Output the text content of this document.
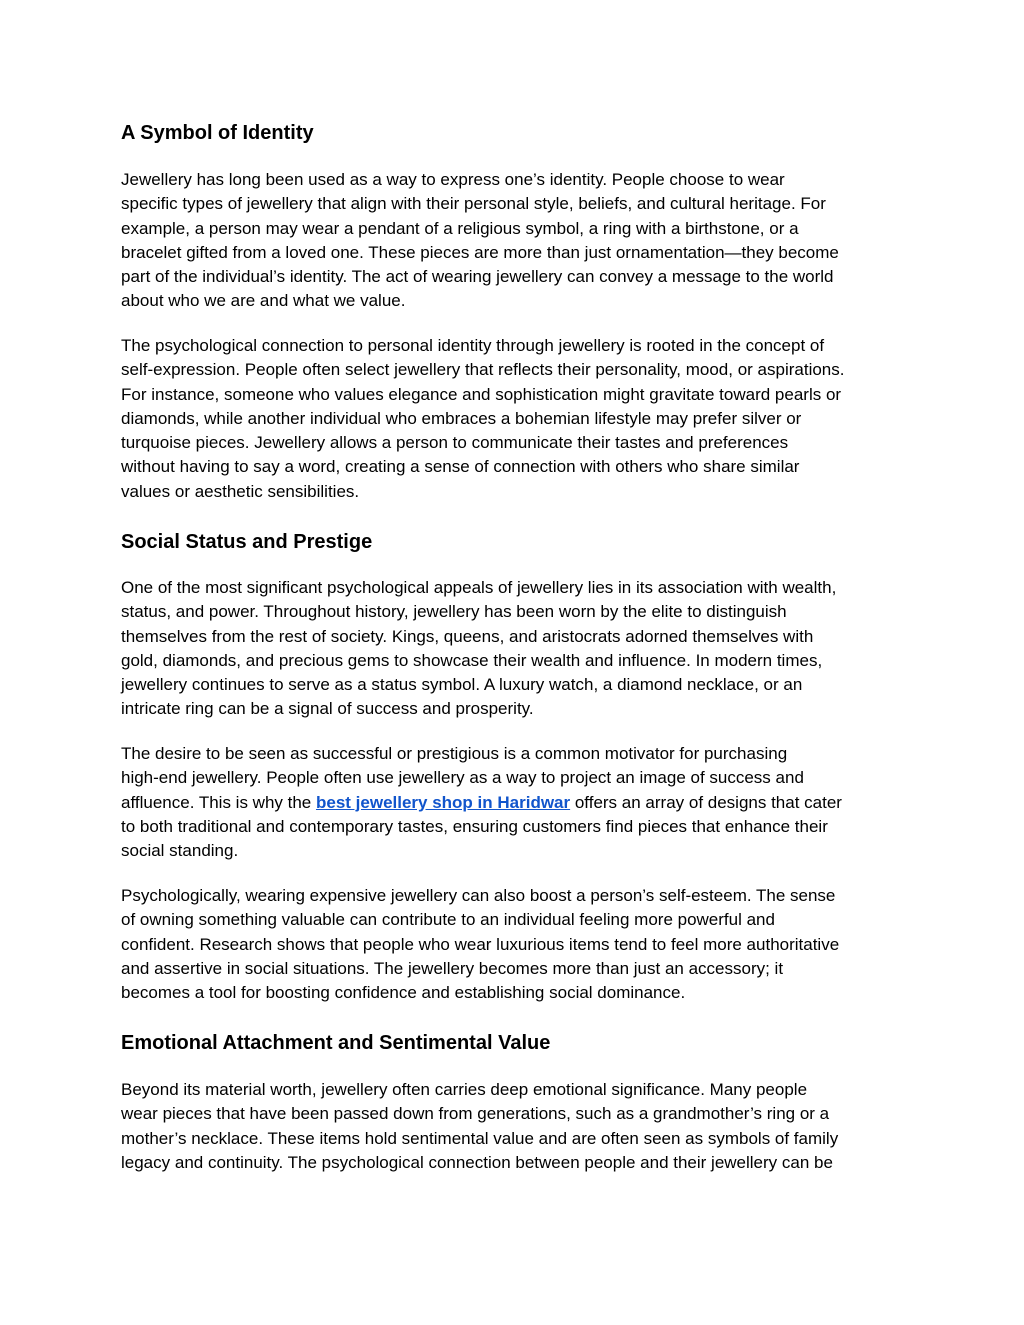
A Symbol of Identity

Jewellery has long been used as a way to express one’s identity. People choose to wear
specific types of jewellery that align with their personal style, beliefs, and cultural heritage. For
example, a person may wear a pendant of a religious symbol, a ring with a birthstone, or a
bracelet gifted from a loved one. These pieces are more than just ornamentation—they become
part of the individual’s identity. The act of wearing jewellery can convey a message to the world
about who we are and what we value.

The psychological connection to personal identity through jewellery is rooted in the concept of
self-expression. People often select jewellery that reflects their personality, mood, or aspirations.
For instance, someone who values elegance and sophistication might gravitate toward pearls or
diamonds, while another individual who embraces a bohemian lifestyle may prefer silver or
turquoise pieces. Jewellery allows a person to communicate their tastes and preferences
without having to say a word, creating a sense of connection with others who share similar
values or aesthetic sensibilities.

Social Status and Prestige

One of the most significant psychological appeals of jewellery lies in its association with wealth,
status, and power. Throughout history, jewellery has been worn by the elite to distinguish
themselves from the rest of society. Kings, queens, and aristocrats adorned themselves with
gold, diamonds, and precious gems to showcase their wealth and influence. In modern times,
jewellery continues to serve as a status symbol. A luxury watch, a diamond necklace, or an
intricate ring can be a signal of success and prosperity.

The desire to be seen as successful or prestigious is a common motivator for purchasing
high-end jewellery. People often use jewellery as a way to project an image of success and
affluence. This is why the best jewellery shop in Haridwar offers an array of designs that cater
to both traditional and contemporary tastes, ensuring customers find pieces that enhance their
social standing.

Psychologically, wearing expensive jewellery can also boost a person’s self-esteem. The sense
of owning something valuable can contribute to an individual feeling more powerful and
confident. Research shows that people who wear luxurious items tend to feel more authoritative
and assertive in social situations. The jewellery becomes more than just an accessory; it
becomes a tool for boosting confidence and establishing social dominance.

Emotional Attachment and Sentimental Value

Beyond its material worth, jewellery often carries deep emotional significance. Many people
wear pieces that have been passed down from generations, such as a grandmother’s ring or a
mother’s necklace. These items hold sentimental value and are often seen as symbols of family
legacy and continuity. The psychological connection between people and their jewellery can be
